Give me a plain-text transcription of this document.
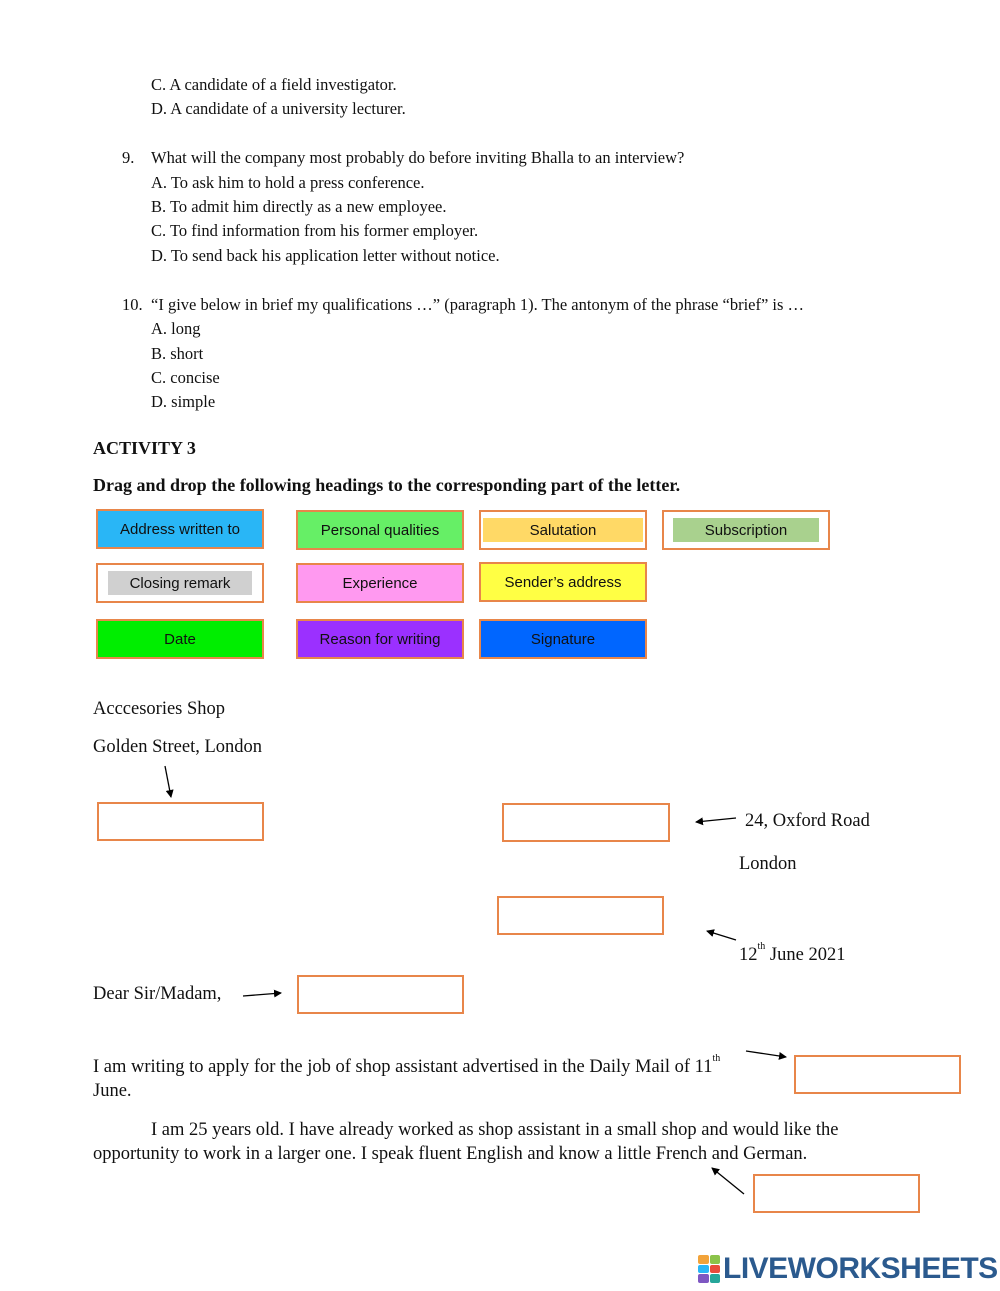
C. A candidate of a field investigator.
D. A candidate of a university lecturer.
9. What will the company most probably do before inviting Bhalla to an interview?
A. To ask him to hold a press conference.
B. To admit him directly as a new employee.
C. To find information from his former employer.
D. To send back his application letter without notice.
10. “I give below in brief my qualifications …” (paragraph 1). The antonym of the phrase “brief” is …
A. long
B. short
C. concise
D. simple
ACTIVITY 3
Drag and drop the following headings to the corresponding part of the letter.
Address written to	Personal qualities	Salutation	Subscription
Closing remark	Experience	Sender’s address
Date	Reason for writing	Signature
Acccesories Shop
Golden Street, London
24, Oxford Road
London
12th June 2021
Dear Sir/Madam,
I am writing to apply for the job of shop assistant advertised in the Daily Mail of 11th
June.
I am 25 years old. I have already worked as shop assistant in a small shop and would like the
opportunity to work in a larger one. I speak fluent English and know a little French and German.
LIVEWORKSHEETS
